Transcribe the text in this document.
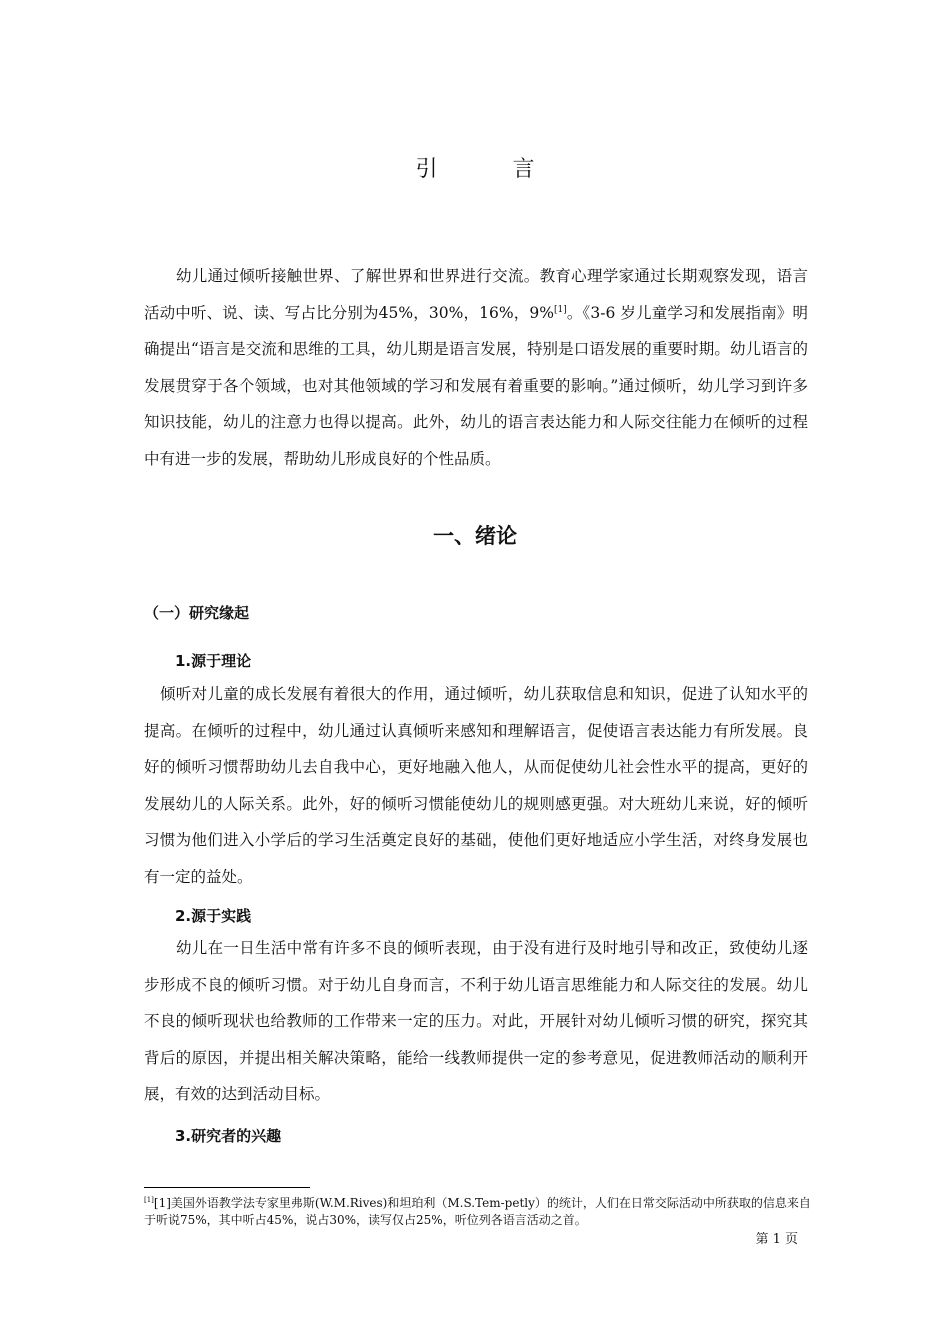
引 言

幼儿通过倾听接触世界、了解世界和世界进行交流。教育心理学家通过长期观察发现，语言活动中听、说、读、写占比分别为45%，30%，16%，9%[1]。《3-6 岁儿童学习和发展指南》明确提出“语言是交流和思维的工具，幼儿期是语言发展，特别是口语发展的重要时期。幼儿语言的发展贯穿于各个领域，也对其他领域的学习和发展有着重要的影响。”通过倾听，幼儿学习到许多知识技能，幼儿的注意力也得以提高。此外，幼儿的语言表达能力和人际交往能力在倾听的过程中有进一步的发展，帮助幼儿形成良好的个性品质。

一、绪论
（一）研究缘起
1.源于理论

倾听对儿童的成长发展有着很大的作用，通过倾听，幼儿获取信息和知识，促进了认知水平的提高。在倾听的过程中，幼儿通过认真倾听来感知和理解语言，促使语言表达能力有所发展。良好的倾听习惯帮助幼儿去自我中心，更好地融入他人，从而促使幼儿社会性水平的提高，更好的发展幼儿的人际关系。此外，好的倾听习惯能使幼儿的规则感更强。对大班幼儿来说，好的倾听习惯为他们进入小学后的学习生活奠定良好的基础，使他们更好地适应小学生活，对终身发展也有一定的益处。

2.源于实践

幼儿在一日生活中常有许多不良的倾听表现，由于没有进行及时地引导和改正，致使幼儿逐步形成不良的倾听习惯。对于幼儿自身而言，不利于幼儿语言思维能力和人际交往的发展。幼儿不良的倾听现状也给教师的工作带来一定的压力。对此，开展针对幼儿倾听习惯的研究，探究其背后的原因，并提出相关解决策略，能给一线教师提供一定的参考意见，促进教师活动的顺利开展，有效的达到活动目标。

3.研究者的兴趣
[1][1]美国外语教学法专家里弗斯(W.M.Rives)和坦珀利（M.S.Tem-petly）的统计，人们在日常交际活动中所获取的信息来自于听说75%，其中听占45%，说占30%，读写仅占25%，听位列各语言活动之首。
第 1 页
